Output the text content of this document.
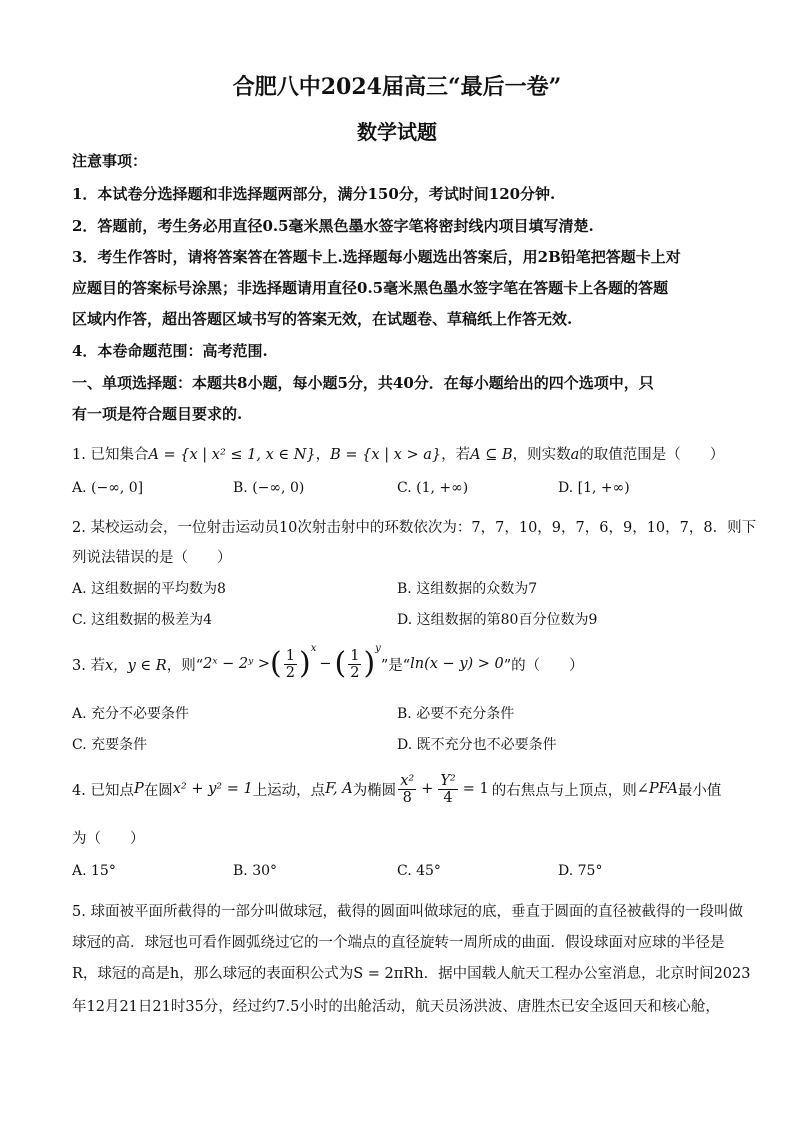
合肥八中2024届高三“最后一卷”
数学试题
注意事项：
1．本试卷分选择题和非选择题两部分，满分150分，考试时间120分钟.
2．答题前，考生务必用直径0.5毫米黑色墨水签字笔将密封线内项目填写清楚.
3．考生作答时，请将答案答在答题卡上.选择题每小题选出答案后，用2B铅笔把答题卡上对
应题目的答案标号涂黑；非选择题请用直径0.5毫米黑色墨水签字笔在答题卡上各题的答题
区域内作答，超出答题区域书写的答案无效，在试题卷、草稿纸上作答无效.
4．本卷命题范围：高考范围.
一、单项选择题：本题共8小题，每小题5分，共40分．在每小题给出的四个选项中，只
有一项是符合题目要求的.
1. 已知集合A = {x | x² ≤ 1, x ∈ N}，B = {x | x > a}，若A ⊆ B，则实数a的取值范围是（　　）
A. (−∞, 0]	B. (−∞, 0)	C. (1, +∞)	D. [1, +∞)
2. 某校运动会，一位射击运动员10次射击射中的环数依次为：7，7，10，9，7，6，9，10，7，8．则下
列说法错误的是（　　）
A. 这组数据的平均数为8	B. 这组数据的众数为7
C. 这组数据的极差为4	D. 这组数据的第80百分位数为9
3. 若 x，y ∈ R ，则“ 2ˣ − 2ʸ > ( $\frac{1}{2} )^x$
− ( $\frac{1}{2} )^y$
”是“ ln(x − y) > 0 ”的（　　）
A. 充分不必要条件	B. 必要不充分条件
C. 充要条件	D. 既不充分也不必要条件
4. 已知点 P 在圆 x² + y² = 1 上运动，点 F, A 为椭圆 $\frac{\text{x²}}{8} + \frac{\text{Y²}}{4} = 1$ 的右焦点与上顶点，则 ∠PFA 最小值
为（　　）
A. 15°	B. 30°	C. 45°	D. 75°
5. 球面被平面所截得的一部分叫做球冠，截得的圆面叫做球冠的底，垂直于圆面的直径被截得的一段叫做
球冠的高．球冠也可看作圆弧绕过它的一个端点的直径旋转一周所成的曲面．假设球面对应球的半径是
R，球冠的高是h，那么球冠的表面积公式为S = 2πRh．据中国载人航天工程办公室消息，北京时间2023
年12月21日21时35分，经过约7.5小时的出舱活动，航天员汤洪波、唐胜杰已安全返回天和核心舱，
